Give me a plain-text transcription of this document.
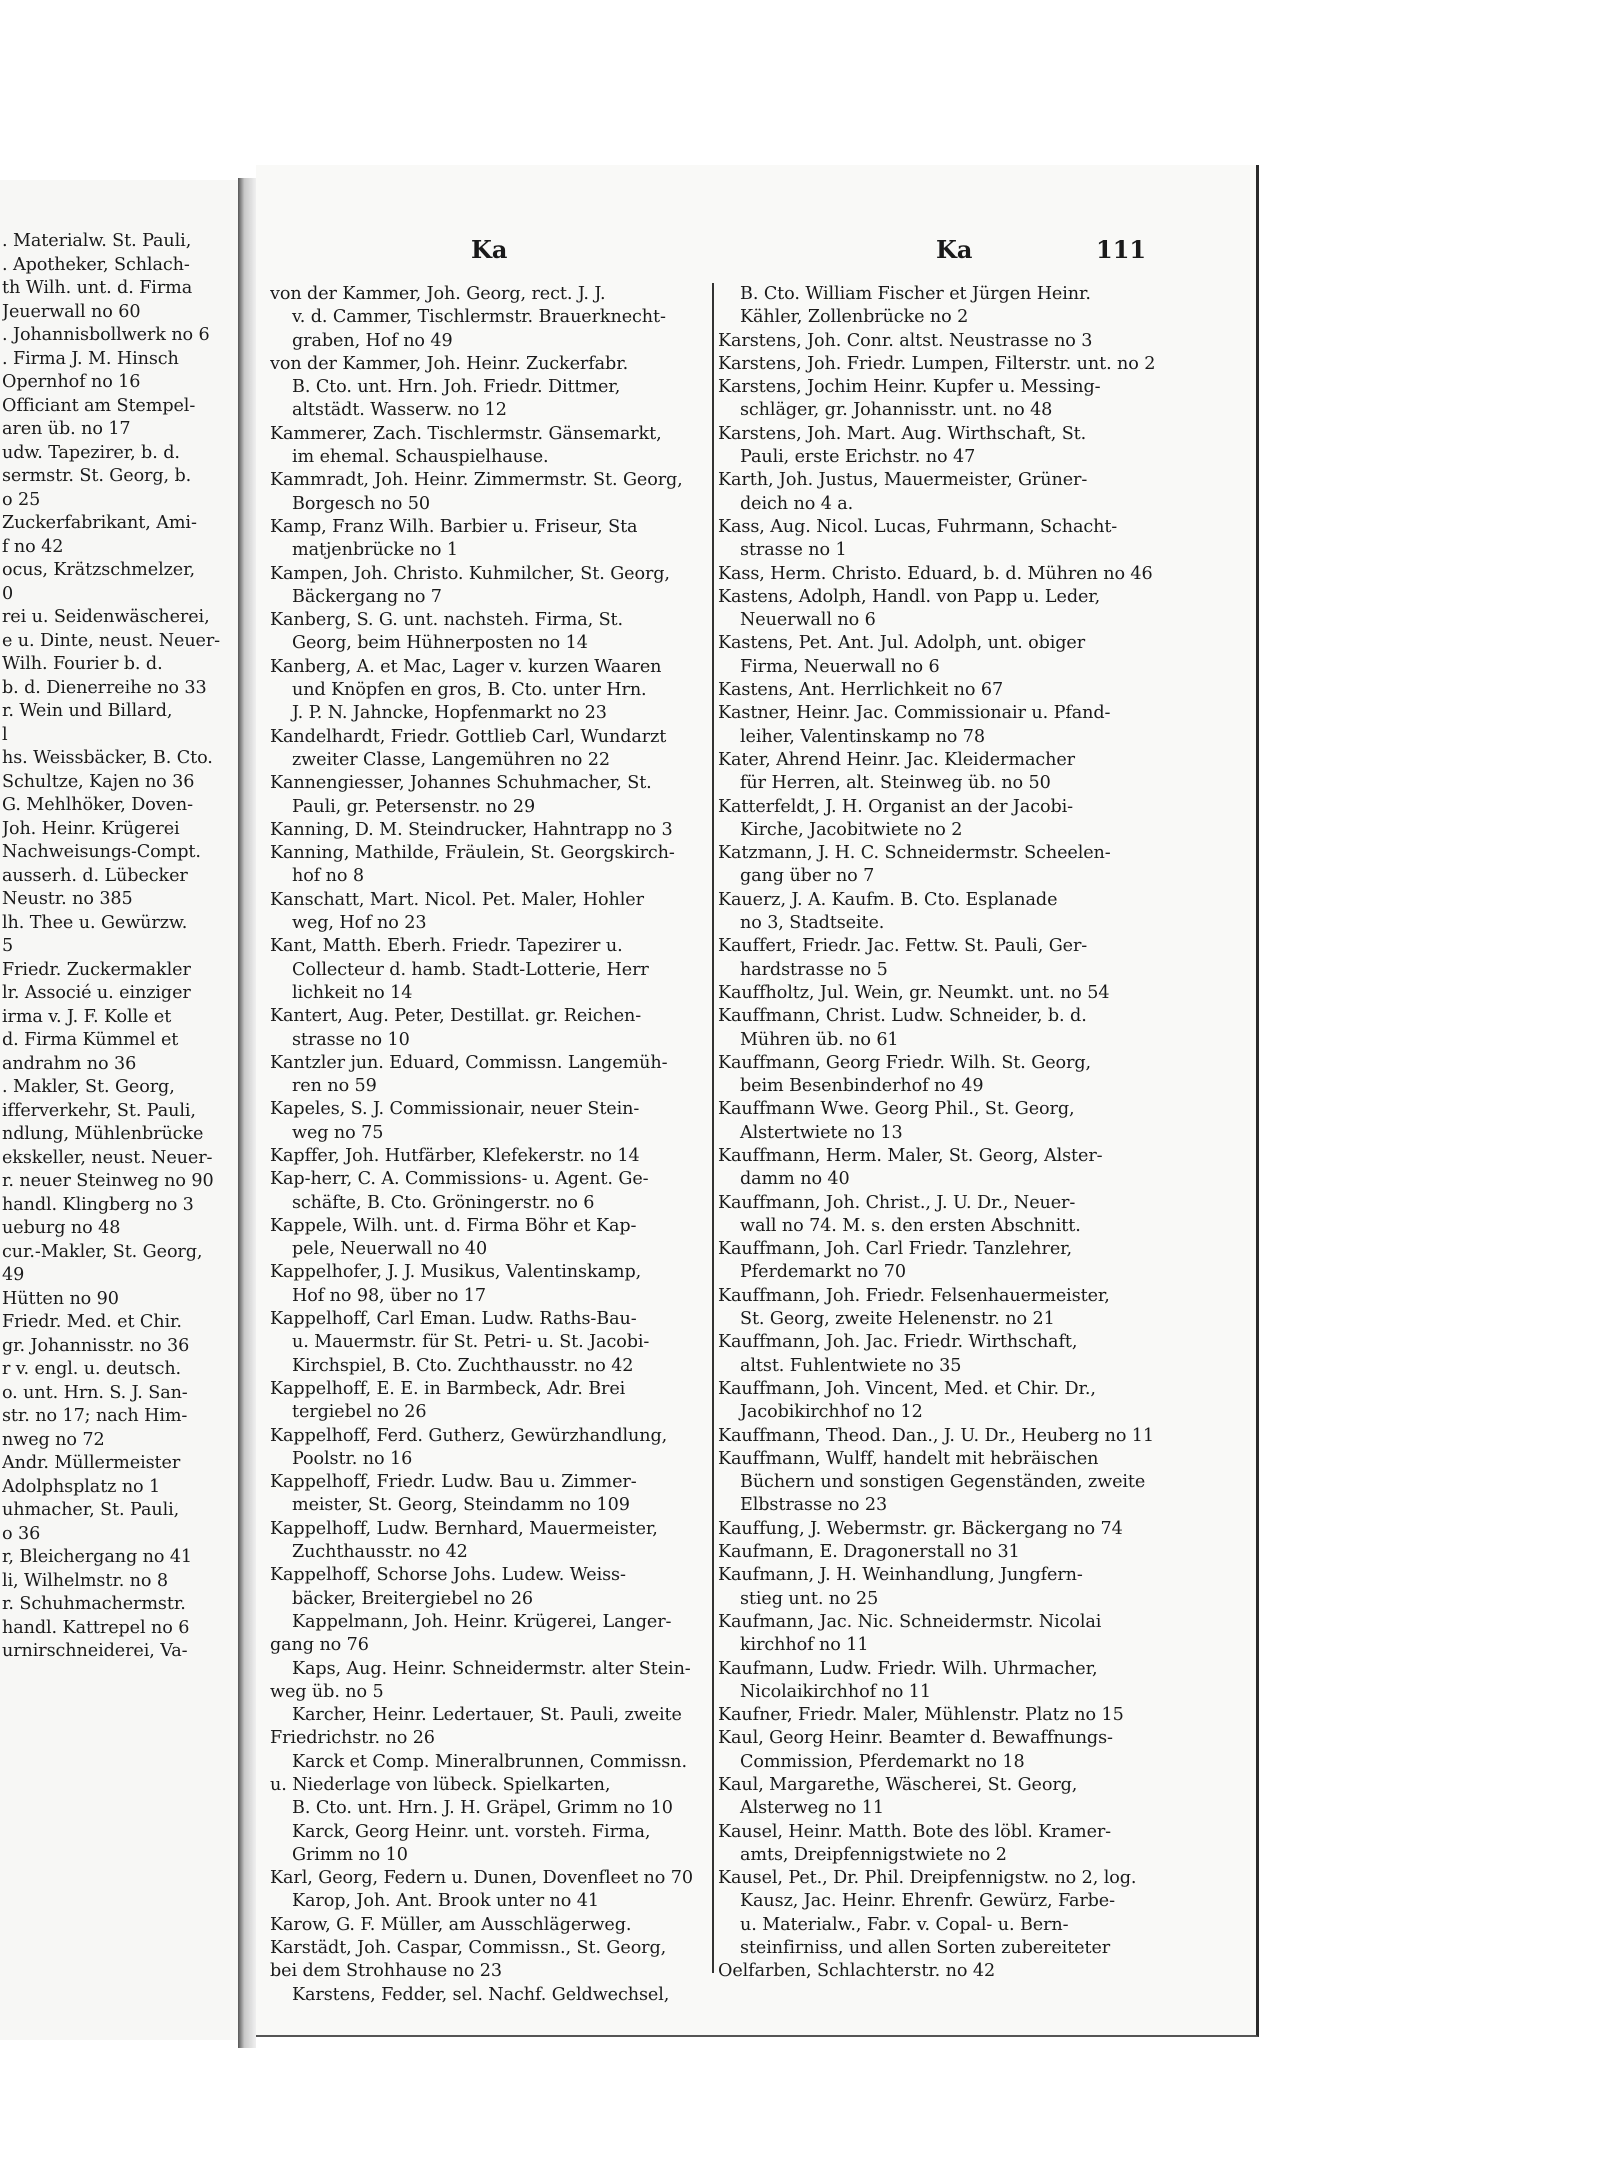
. Materialw. St. Pauli,
. Apotheker, Schlach-
th Wilh. unt. d. Firma
Jeuerwall no 60
. Johannisbollwerk no 6
. Firma J. M. Hinsch
Opernhof no 16
Officiant am Stempel-
aren üb. no 17
udw. Tapezirer, b. d.
sermstr. St. Georg, b.
o 25
Zuckerfabrikant, Ami-
f no 42
ocus, Krätzschmelzer,
0
rei u. Seidenwäscherei,
e u. Dinte, neust. Neuer-
Wilh. Fourier b. d.
b. d. Dienerreihe no 33
r. Wein und Billard,
l
hs. Weissbäcker, B. Cto.
Schultze, Kajen no 36
G. Mehlhöker, Doven-
Joh. Heinr. Krügerei
Nachweisungs-Compt.
ausserh. d. Lübecker
Neustr. no 385
lh. Thee u. Gewürzw.
5
Friedr. Zuckermakler
lr. Associé u. einziger
irma v. J. F. Kolle et
d. Firma Kümmel et
andrahm no 36
. Makler, St. Georg,
ifferverkehr, St. Pauli,
ndlung, Mühlenbrücke
ekskeller, neust. Neuer-
r. neuer Steinweg no 90
handl. Klingberg no 3
ueburg no 48
cur.-Makler, St. Georg,
49
Hütten no 90
Friedr. Med. et Chir.
gr. Johannisstr. no 36
r v. engl. u. deutsch.
o. unt. Hrn. S. J. San-
str. no 17; nach Him-
nweg no 72
Andr. Müllermeister
Adolphsplatz no 1
uhmacher, St. Pauli,
o 36
r, Bleichergang no 41
li, Wilhelmstr. no 8
r. Schuhmachermstr.
handl. Kattrepel no 6
urnirschneiderei, Va-
Ka	Ka	111
von der Kammer, Joh. Georg, rect. J. J.
v. d. Cammer, Tischlermstr. Brauerknecht-
graben, Hof no 49
von der Kammer, Joh. Heinr. Zuckerfabr.
B. Cto. unt. Hrn. Joh. Friedr. Dittmer,
altstädt. Wasserw. no 12
Kammerer, Zach. Tischlermstr. Gänsemarkt,
im ehemal. Schauspielhause.
Kammradt, Joh. Heinr. Zimmermstr. St. Georg,
Borgesch no 50
Kamp, Franz Wilh. Barbier u. Friseur, Sta
matjenbrücke no 1
Kampen, Joh. Christo. Kuhmilcher, St. Georg,
Bäckergang no 7
Kanberg, S. G. unt. nachsteh. Firma, St.
Georg, beim Hühnerposten no 14
Kanberg, A. et Mac, Lager v. kurzen Waaren
und Knöpfen en gros, B. Cto. unter Hrn.
J. P. N. Jahncke, Hopfenmarkt no 23
Kandelhardt, Friedr. Gottlieb Carl, Wundarzt
zweiter Classe, Langemühren no 22
Kannengiesser, Johannes Schuhmacher, St.
Pauli, gr. Petersenstr. no 29
Kanning, D. M. Steindrucker, Hahntrapp no 3
Kanning, Mathilde, Fräulein, St. Georgskirch-
hof no 8
Kanschatt, Mart. Nicol. Pet. Maler, Hohler
weg, Hof no 23
Kant, Matth. Eberh. Friedr. Tapezirer u.
Collecteur d. hamb. Stadt-Lotterie, Herr
lichkeit no 14
Kantert, Aug. Peter, Destillat. gr. Reichen-
strasse no 10
Kantzler jun. Eduard, Commissn. Langemüh-
ren no 59
Kapeles, S. J. Commissionair, neuer Stein-
weg no 75
Kapffer, Joh. Hutfärber, Klefekerstr. no 14
Kap-herr, C. A. Commissions- u. Agent. Ge-
schäfte, B. Cto. Gröningerstr. no 6
Kappele, Wilh. unt. d. Firma Böhr et Kap-
pele, Neuerwall no 40
Kappelhofer, J. J. Musikus, Valentinskamp,
Hof no 98, über no 17
Kappelhoff, Carl Eman. Ludw. Raths-Bau-
u. Mauermstr. für St. Petri- u. St. Jacobi-
Kirchspiel, B. Cto. Zuchthausstr. no 42
Kappelhoff, E. E. in Barmbeck, Adr. Brei
tergiebel no 26
Kappelhoff, Ferd. Gutherz, Gewürzhandlung,
Poolstr. no 16
Kappelhoff, Friedr. Ludw. Bau u. Zimmer-
meister, St. Georg, Steindamm no 109
Kappelhoff, Ludw. Bernhard, Mauermeister,
Zuchthausstr. no 42
Kappelhoff, Schorse Johs. Ludew. Weiss-
bäcker, Breitergiebel no 26
Kappelmann, Joh. Heinr. Krügerei, Langer-
gang no 76
Kaps, Aug. Heinr. Schneidermstr. alter Stein-
weg üb. no 5
Karcher, Heinr. Ledertauer, St. Pauli, zweite
Friedrichstr. no 26
Karck et Comp. Mineralbrunnen, Commissn.
u. Niederlage von lübeck. Spielkarten,
B. Cto. unt. Hrn. J. H. Gräpel, Grimm no 10
Karck, Georg Heinr. unt. vorsteh. Firma,
Grimm no 10
Karl, Georg, Federn u. Dunen, Dovenfleet no 70
Karop, Joh. Ant. Brook unter no 41
Karow, G. F. Müller, am Ausschlägerweg.
Karstädt, Joh. Caspar, Commissn., St. Georg,
bei dem Strohhause no 23
Karstens, Fedder, sel. Nachf. Geldwechsel,
B. Cto. William Fischer et Jürgen Heinr.
Kähler, Zollenbrücke no 2
Karstens, Joh. Conr. altst. Neustrasse no 3
Karstens, Joh. Friedr. Lumpen, Filterstr. unt. no 2
Karstens, Jochim Heinr. Kupfer u. Messing-
schläger, gr. Johannisstr. unt. no 48
Karstens, Joh. Mart. Aug. Wirthschaft, St.
Pauli, erste Erichstr. no 47
Karth, Joh. Justus, Mauermeister, Grüner-
deich no 4 a.
Kass, Aug. Nicol. Lucas, Fuhrmann, Schacht-
strasse no 1
Kass, Herm. Christo. Eduard, b. d. Mühren no 46
Kastens, Adolph, Handl. von Papp u. Leder,
Neuerwall no 6
Kastens, Pet. Ant. Jul. Adolph, unt. obiger
Firma, Neuerwall no 6
Kastens, Ant. Herrlichkeit no 67
Kastner, Heinr. Jac. Commissionair u. Pfand-
leiher, Valentinskamp no 78
Kater, Ahrend Heinr. Jac. Kleidermacher
für Herren, alt. Steinweg üb. no 50
Katterfeldt, J. H. Organist an der Jacobi-
Kirche, Jacobitwiete no 2
Katzmann, J. H. C. Schneidermstr. Scheelen-
gang über no 7
Kauerz, J. A. Kaufm. B. Cto. Esplanade
no 3, Stadtseite.
Kauffert, Friedr. Jac. Fettw. St. Pauli, Ger-
hardstrasse no 5
Kauffholtz, Jul. Wein, gr. Neumkt. unt. no 54
Kauffmann, Christ. Ludw. Schneider, b. d.
Mühren üb. no 61
Kauffmann, Georg Friedr. Wilh. St. Georg,
beim Besenbinderhof no 49
Kauffmann Wwe. Georg Phil., St. Georg,
Alstertwiete no 13
Kauffmann, Herm. Maler, St. Georg, Alster-
damm no 40
Kauffmann, Joh. Christ., J. U. Dr., Neuer-
wall no 74. M. s. den ersten Abschnitt.
Kauffmann, Joh. Carl Friedr. Tanzlehrer,
Pferdemarkt no 70
Kauffmann, Joh. Friedr. Felsenhauermeister,
St. Georg, zweite Helenenstr. no 21
Kauffmann, Joh. Jac. Friedr. Wirthschaft,
altst. Fuhlentwiete no 35
Kauffmann, Joh. Vincent, Med. et Chir. Dr.,
Jacobikirchhof no 12
Kauffmann, Theod. Dan., J. U. Dr., Heuberg no 11
Kauffmann, Wulff, handelt mit hebräischen
Büchern und sonstigen Gegenständen, zweite
Elbstrasse no 23
Kauffung, J. Webermstr. gr. Bäckergang no 74
Kaufmann, E. Dragonerstall no 31
Kaufmann, J. H. Weinhandlung, Jungfern-
stieg unt. no 25
Kaufmann, Jac. Nic. Schneidermstr. Nicolai
kirchhof no 11
Kaufmann, Ludw. Friedr. Wilh. Uhrmacher,
Nicolaikirchhof no 11
Kaufner, Friedr. Maler, Mühlenstr. Platz no 15
Kaul, Georg Heinr. Beamter d. Bewaffnungs-
Commission, Pferdemarkt no 18
Kaul, Margarethe, Wäscherei, St. Georg,
Alsterweg no 11
Kausel, Heinr. Matth. Bote des löbl. Kramer-
amts, Dreipfennigstwiete no 2
Kausel, Pet., Dr. Phil. Dreipfennigstw. no 2, log.
Kausz, Jac. Heinr. Ehrenfr. Gewürz, Farbe-
u. Materialw., Fabr. v. Copal- u. Bern-
steinfirniss, und allen Sorten zubereiteter
Oelfarben, Schlachterstr. no 42
